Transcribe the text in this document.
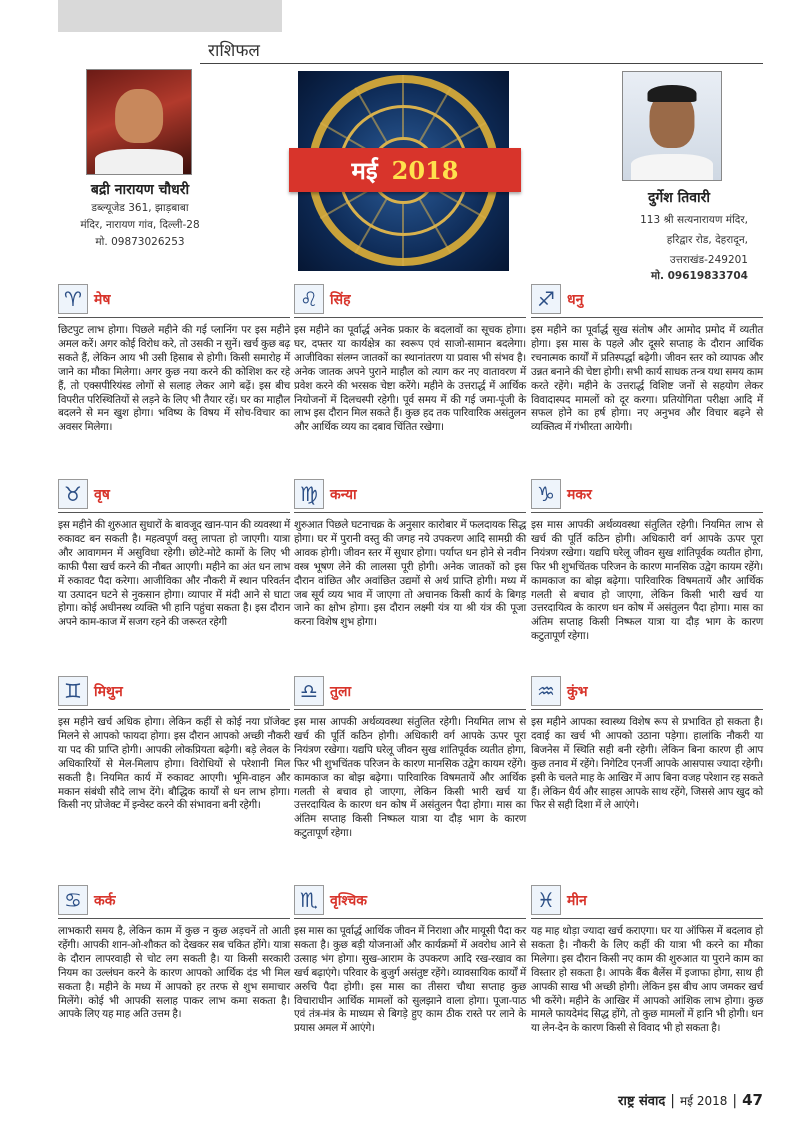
राशिफल
बद्री नारायण चौधरी
डब्ल्यूजेड 361, झाड़बाबा
मंदिर, नारायण गांव, दिल्ली-28
मो. 09873026253
दुर्गेश तिवारी
113 श्री सत्यनारायण मंदिर,
हरिद्वार रोड, देहरादून,
उत्तराखंड-249201
मो. 09619833704
मई 2018
♈ मेष
छिटपुट लाभ होगा। पिछले महीने की गई प्लानिंग पर इस महीने अमल करें। अगर कोई विरोध करे, तो उसकी न सुनें। खर्च कुछ बढ़ सकते हैं, लेकिन आय भी उसी हिसाब से होगी। किसी समारोह में जाने का मौका मिलेगा। अगर कुछ नया करने की कोशिश कर रहे हैं, तो एक्सपीरियंस्ड लोगों से सलाह लेकर आगे बढ़ें। इस बीच विपरीत परिस्थितियों से लड़ने के लिए भी तैयार रहें। घर का माहौल बदलने से मन खुश होगा। भविष्य के विषय में सोच-विचार का अवसर मिलेगा।
♌ सिंह
इस महीने का पूर्वार्द्ध अनेक प्रकार के बदलावों का सूचक होगा। घर, दफ्तर या कार्यक्षेत्र का स्वरूप एवं साजो-सामान बदलेगा। आजीविका संलग्न जातकों का स्थानांतरण या प्रवास भी संभव है। अनेक जातक अपने पुराने माहौल को त्याग कर नए वातावरण में प्रवेश करने की भरसक चेष्टा करेंगे। महीने के उत्तरार्द्ध में आर्थिक नियोजनों में दिलचस्पी रहेगी। पूर्व समय में की गई जमा-पूंजी के लाभ इस दौरान मिल सकते हैं। कुछ हद तक पारिवारिक असंतुलन और आर्थिक व्यय का दबाव चिंतित रखेगा।
♐ धनु
इस महीने का पूर्वार्द्ध सुख संतोष और आमोद प्रमोद में व्यतीत होगा। इस मास के पहले और दूसरे सप्ताह के दौरान आर्थिक रचनात्मक कार्यों में प्रतिस्पर्द्धा बढ़ेगी। जीवन स्तर को व्यापक और उन्नत बनाने की चेष्टा होगी। सभी कार्य साधक तन्त्र यथा समय काम करते रहेंगे। महीने के उत्तरार्द्ध विशिष्ट जनों से सहयोग लेकर विवादास्पद मामलों को दूर करगा। प्रतियोगिता परीक्षा आदि में सफल होने का हर्ष होगा। नए अनुभव और विचार बढ़ने से व्यक्तित्व में गंभीरता आयेगी।
♉ वृष
इस महीने की शुरुआत सुधारों के बावजूद खान-पान की व्यवस्था में रुकावट बन सकती है। महत्वपूर्ण वस्तु लापता हो जाएगी। यात्रा और आवागमन में असुविधा रहेगी। छोटे-मोटे कामों के लिए भी काफी पैसा खर्च करने की नौबत आएगी। महीने का अंत धन लाभ में रुकावट पैदा करेगा। आजीविका और नौकरी में स्थान परिवर्तन या उत्पादन घटने से नुकसान होगा। व्यापार में मंदी आने से घाटा होगा। कोई अधीनस्थ व्यक्ति भी हानि पहुंचा सकता है। इस दौरान अपने काम-काज में सजग रहने की जरूरत रहेगी
♍ कन्या
शुरुआत पिछले घटनाचक्र के अनुसार कारोबार में फलदायक सिद्ध होगा। घर में पुरानी वस्तु की जगह नये उपकरण आदि सामग्री की आवक होगी। जीवन स्तर में सुधार होगा। पर्याप्त धन होने से नवीन वस्त्र भूषण लेने की लालसा पूरी होगी। अनेक जातकों को इस दौरान वांछित और अवांछित उद्यमों से अर्थ प्राप्ति होगी। मध्य में जब सूर्य व्यय भाव में जाएगा तो अचानक किसी कार्य के बिगड़ जाने का क्षोभ होगा। इस दौरान लक्ष्मी यंत्र या श्री यंत्र की पूजा करना विशेष शुभ होगा।
♑ मकर
इस मास आपकी अर्थव्यवस्था संतुलित रहेगी। नियमित लाभ से खर्च की पूर्ति कठिन होगी। अधिकारी वर्ग आपके ऊपर पूरा नियंत्रण रखेगा। यद्यपि घरेलू जीवन सुख शांतिपूर्वक व्यतीत होगा, फिर भी शुभचिंतक परिजन के कारण मानसिक उद्वेग कायम रहेंगे। कामकाज का बोझ बढ़ेगा। पारिवारिक विषमतायें और आर्थिक गलती से बचाव हो जाएगा, लेकिन किसी भारी खर्च या उत्तरदायित्व के कारण धन कोष में असंतुलन पैदा होगा। मास का अंतिम सप्ताह किसी निष्फल यात्रा या दौड़ भाग के कारण कटुतापूर्ण रहेगा।
♊ मिथुन
इस महीने खर्च अधिक होगा। लेकिन कहीं से कोई नया प्रॉजेक्ट मिलने से आपको फायदा होगा। इस दौरान आपको अच्छी नौकरी या पद की प्राप्ति होगी। आपकी लोकप्रियता बढ़ेगी। बड़े लेवल के अधिकारियों से मेल-मिलाप होगा। विरोधियों से परेशानी मिल सकती है। नियमित कार्य में रुकावट आएगी। भूमि-वाहन और मकान संबंधी सौदे लाभ देंगे। बौद्धिक कार्यों से धन लाभ होगा। किसी नए प्रोजेक्ट में इन्वेस्ट करने की संभावना बनी रहेगी।
♎ तुला
इस मास आपकी अर्थव्यवस्था संतुलित रहेगी। नियमित लाभ से खर्च की पूर्ति कठिन होगी। अधिकारी वर्ग आपके ऊपर पूरा नियंत्रण रखेगा। यद्यपि घरेलू जीवन सुख शांतिपूर्वक व्यतीत होगा, फिर भी शुभचिंतक परिजन के कारण मानसिक उद्वेग कायम रहेंगे। कामकाज का बोझ बढ़ेगा। पारिवारिक विषमतायें और आर्थिक गलती से बचाव हो जाएगा, लेकिन किसी भारी खर्च या उत्तरदायित्व के कारण धन कोष में असंतुलन पैदा होगा। मास का अंतिम सप्ताह किसी निष्फल यात्रा या दौड़ भाग के कारण कटुतापूर्ण रहेगा।
♒ कुंभ
इस महीने आपका स्वास्थ्य विशेष रूप से प्रभावित हो सकता है। दवाई का खर्च भी आपको उठाना पड़ेगा। हालांकि नौकरी या बिजनेस में स्थिति सही बनी रहेगी। लेकिन बिना कारण ही आप कुछ तनाव में रहेंगे। निगेटिव एनर्जी आपके आसपास ज्यादा रहेगी। इसी के चलते माह के आखिर में आप बिना वजह परेशान रह सकते हैं। लेकिन धैर्य और साहस आपके साथ रहेंगे, जिससे आप खुद को फिर से सही दिशा में ले आएंगे।
♋ कर्क
लाभकारी समय है, लेकिन काम में कुछ न कुछ अड़चनें तो आती रहेंगी। आपकी शान-ओ-शौकत को देखकर सब चकित होंगे। यात्रा के दौरान लापरवाही से चोट लग सकती है। या किसी सरकारी नियम का उल्लंघन करने के कारण आपको आर्थिक दंड भी मिल सकता है। महीने के मध्य में आपको हर तरफ से शुभ समाचार मिलेंगे। कोई भी आपकी सलाह पाकर लाभ कमा सकता है। आपके लिए यह माह अति उत्तम है।
♏ वृश्चिक
इस मास का पूर्वार्द्ध आर्थिक जीवन में निराशा और मायूसी पैदा कर सकता है। कुछ बड़ी योजनाओं और कार्यक्रमों में अवरोध आने से उत्साह भंग होगा। सुख-आराम के उपकरण आदि रख-रखाव का खर्च बढ़ाएंगे। परिवार के बुजुर्ग असंतुष्ट रहेंगे। व्यावसायिक कार्यों में अरुचि पैदा होगी। इस मास का तीसरा चौथा सप्ताह कुछ विचाराधीन आर्थिक मामलों को सुलझाने वाला होगा। पूजा-पाठ एवं तंत्र-मंत्र के माध्यम से बिगड़े हुए काम ठीक रास्ते पर लाने के प्रयास अमल में आएंगे।
♓ मीन
यह माह थोड़ा ज्यादा खर्च कराएगा। घर या ऑफिस में बदलाव हो सकता है। नौकरी के लिए कहीं की यात्रा भी करने का मौका मिलेगा। इस दौरान किसी नए काम की शुरुआत या पुराने काम का विस्तार हो सकता है। आपके बैंक बैलेंस में इजाफा होगा, साथ ही आपकी साख भी अच्छी होगी। लेकिन इस बीच आप जमकर खर्च भी करेंगे। महीने के आखिर में आपको आंशिक लाभ होगा। कुछ मामले फायदेमंद सिद्ध होंगे, तो कुछ मामलों में हानि भी होगी। धन या लेन-देन के कारण किसी से विवाद भी हो सकता है।
राष्ट्र संवाद | मई 2018 | 47
